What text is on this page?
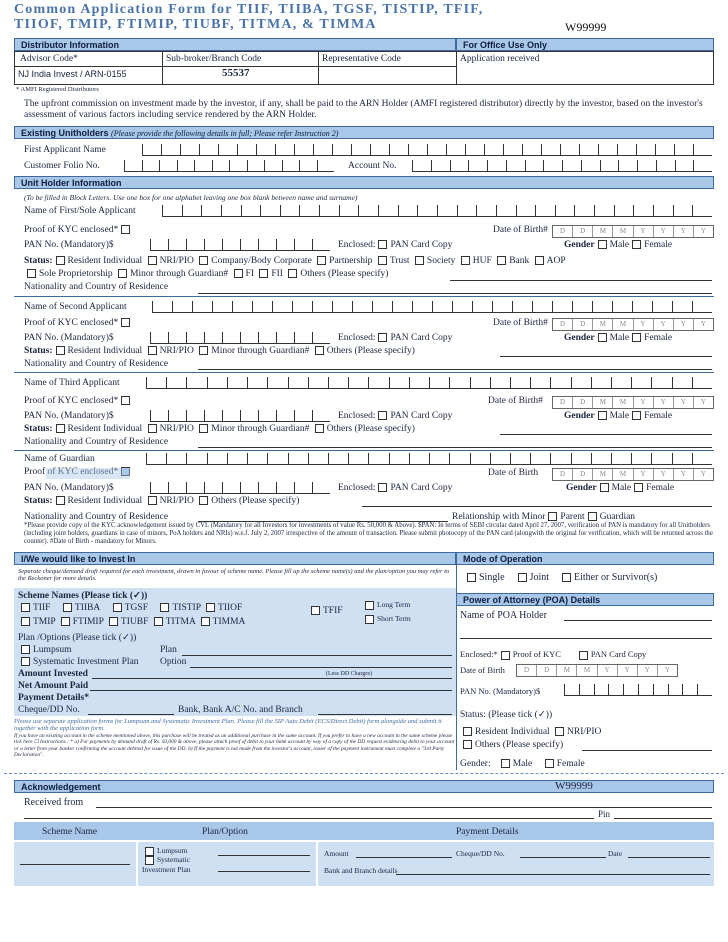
Common Application Form for TIIF, TIIBA, TGSF, TISTIP, TFIF, TIIOF, TMIP, FTIMIP, TIUBF, TITMA, & TIMMA	W99999
Distributor Information	For Office Use Only
Advisor Code*	Sub-broker/Branch Code	Representative Code	Application received
NJ India Invest / ARN-0155	55537
* AMFI Registered Distributors
The upfront commission on investment made by the investor, if any, shall be paid to the ARN Holder (AMFI registered distributor) directly by the investor, based on the investor's assessment of various factors including service rendered by the ARN Holder.
Existing Unitholders (Please provide the following details in full; Please refer Instruction 2)
First Applicant Name
Customer Folio No.	Account No.
Unit Holder Information
(To be filled in Block Letters. Use one box for one alphabet leaving one box blank between name and surname)
Name of First/Sole Applicant
Proof of KYC enclosed*	Date of Birth#	D	D	M	M	Y	Y	Y	Y
PAN No. (Mandatory)$	Enclosed: PAN Card Copy	Gender Male Female
Status: Resident Individual NRI/PIO Company/Body Corporate Partnership Trust Society HUF Bank AOP
Sole Proprietorship Minor through Guardian# FI FII Others (Please specify)
Nationality and Country of Residence
Name of Second Applicant
Proof of KYC enclosed*	Date of Birth#	D	D	M	M	Y	Y	Y	Y
PAN No. (Mandatory)$	Enclosed: PAN Card Copy	Gender Male Female
Status: Resident Individual NRI/PIO Minor through Guardian# Others (Please specify)
Nationality and Country of Residence
Name of Third Applicant
Proof of KYC enclosed*	Date of Birth#	D	D	M	M	Y	Y	Y	Y
PAN No. (Mandatory)$	Enclosed: PAN Card Copy	Gender Male Female
Status: Resident Individual NRI/PIO Minor through Guardian# Others (Please specify)
Nationality and Country of Residence
Name of Guardian
Proof of KYC enclosed*	Date of Birth	D	D	M	M	Y	Y	Y	Y
PAN No. (Mandatory)$	Enclosed: PAN Card Copy	Gender Male Female
Status: Resident Individual NRI/PIO Others (Please specify)
Nationality and Country of Residence	Relationship with Minor Parent Guardian
*Please provide copy of the KYC acknowledgement issued by CVL (Mandatory for all Investors for investments of value Rs. 50,000 & Above). $PAN: In terms of SEBI circular dated April 27, 2007, verification of PAN is mandatory for all Unitholders (including joint holders, guardians in case of minors, PoA holders and NRIs) w.e.f. July 2, 2007 irrespective of the amount of transaction. Please submit photocopy of the PAN card (alongwith the original for verification, which will be returned across the counter). #Date of Birth - mandatory for Minors.
I/We would like to Invest In
Separate cheque/demand draft required for each investment, drawn in favour of scheme name. Please fill up the scheme name(s) and the plan/option you may refer to the Reckoner for more details.
Scheme Names (Please tick (✓))
TIIF	TIIBA	TGSF	TISTIP TIIOF
TMIP FTIMIP TIUBF TITMA TIMMA
TFIF
Long Term
Short Term
Plan /Options (Please tick (✓))
Lumpsum
Systematic Investment Plan
Plan
Option
Amount Invested	(Less DD Charges)
Net Amount Paid
Payment Details*
Cheque/DD No.	Bank, Bank A/C No. and Branch
Please use separate application forms for Lumpsum and Systematic Investment Plan. Please fill the SIP Auto Debit (ECS/Direct Debit) form alongside and submit it together with the application form.
If you have an existing account in the scheme mentioned above, this purchase will be treated as an additional purchase in the same account. If you prefer to have a new account in the same scheme please tick here ☐ Instructions : * a) For payments by demand draft of Rs. 50,000 & above, please attach proof of debit to your bank account by way of a copy of the DD request evidencing debit to your account or a letter from your banker confirming the account debited for issue of the DD. b) If the payment is not made from the investor's account, issuer of the payment instrument must complete a "3rd Party Declaration".
Mode of Operation
Single	Joint	Either or Survivor(s)
Power of Attorney (POA) Details
Name of POA Holder
Enclosed:* Proof of KYC	PAN Card Copy
Date of Birth	D	D	M	M	Y	Y	Y	Y
PAN No. (Mandatory)$
Status: (Please tick (✓))
Resident Individual NRI/PIO
Others (Please specify)
Gender: Male	Female
Acknowledgement	W99999
Received from
Pin
Scheme Name	Plan/Option	Payment Details
Lumpsum
Systematic Investment Plan
Amount	Cheque/DD No.	Date
Bank and Branch details
